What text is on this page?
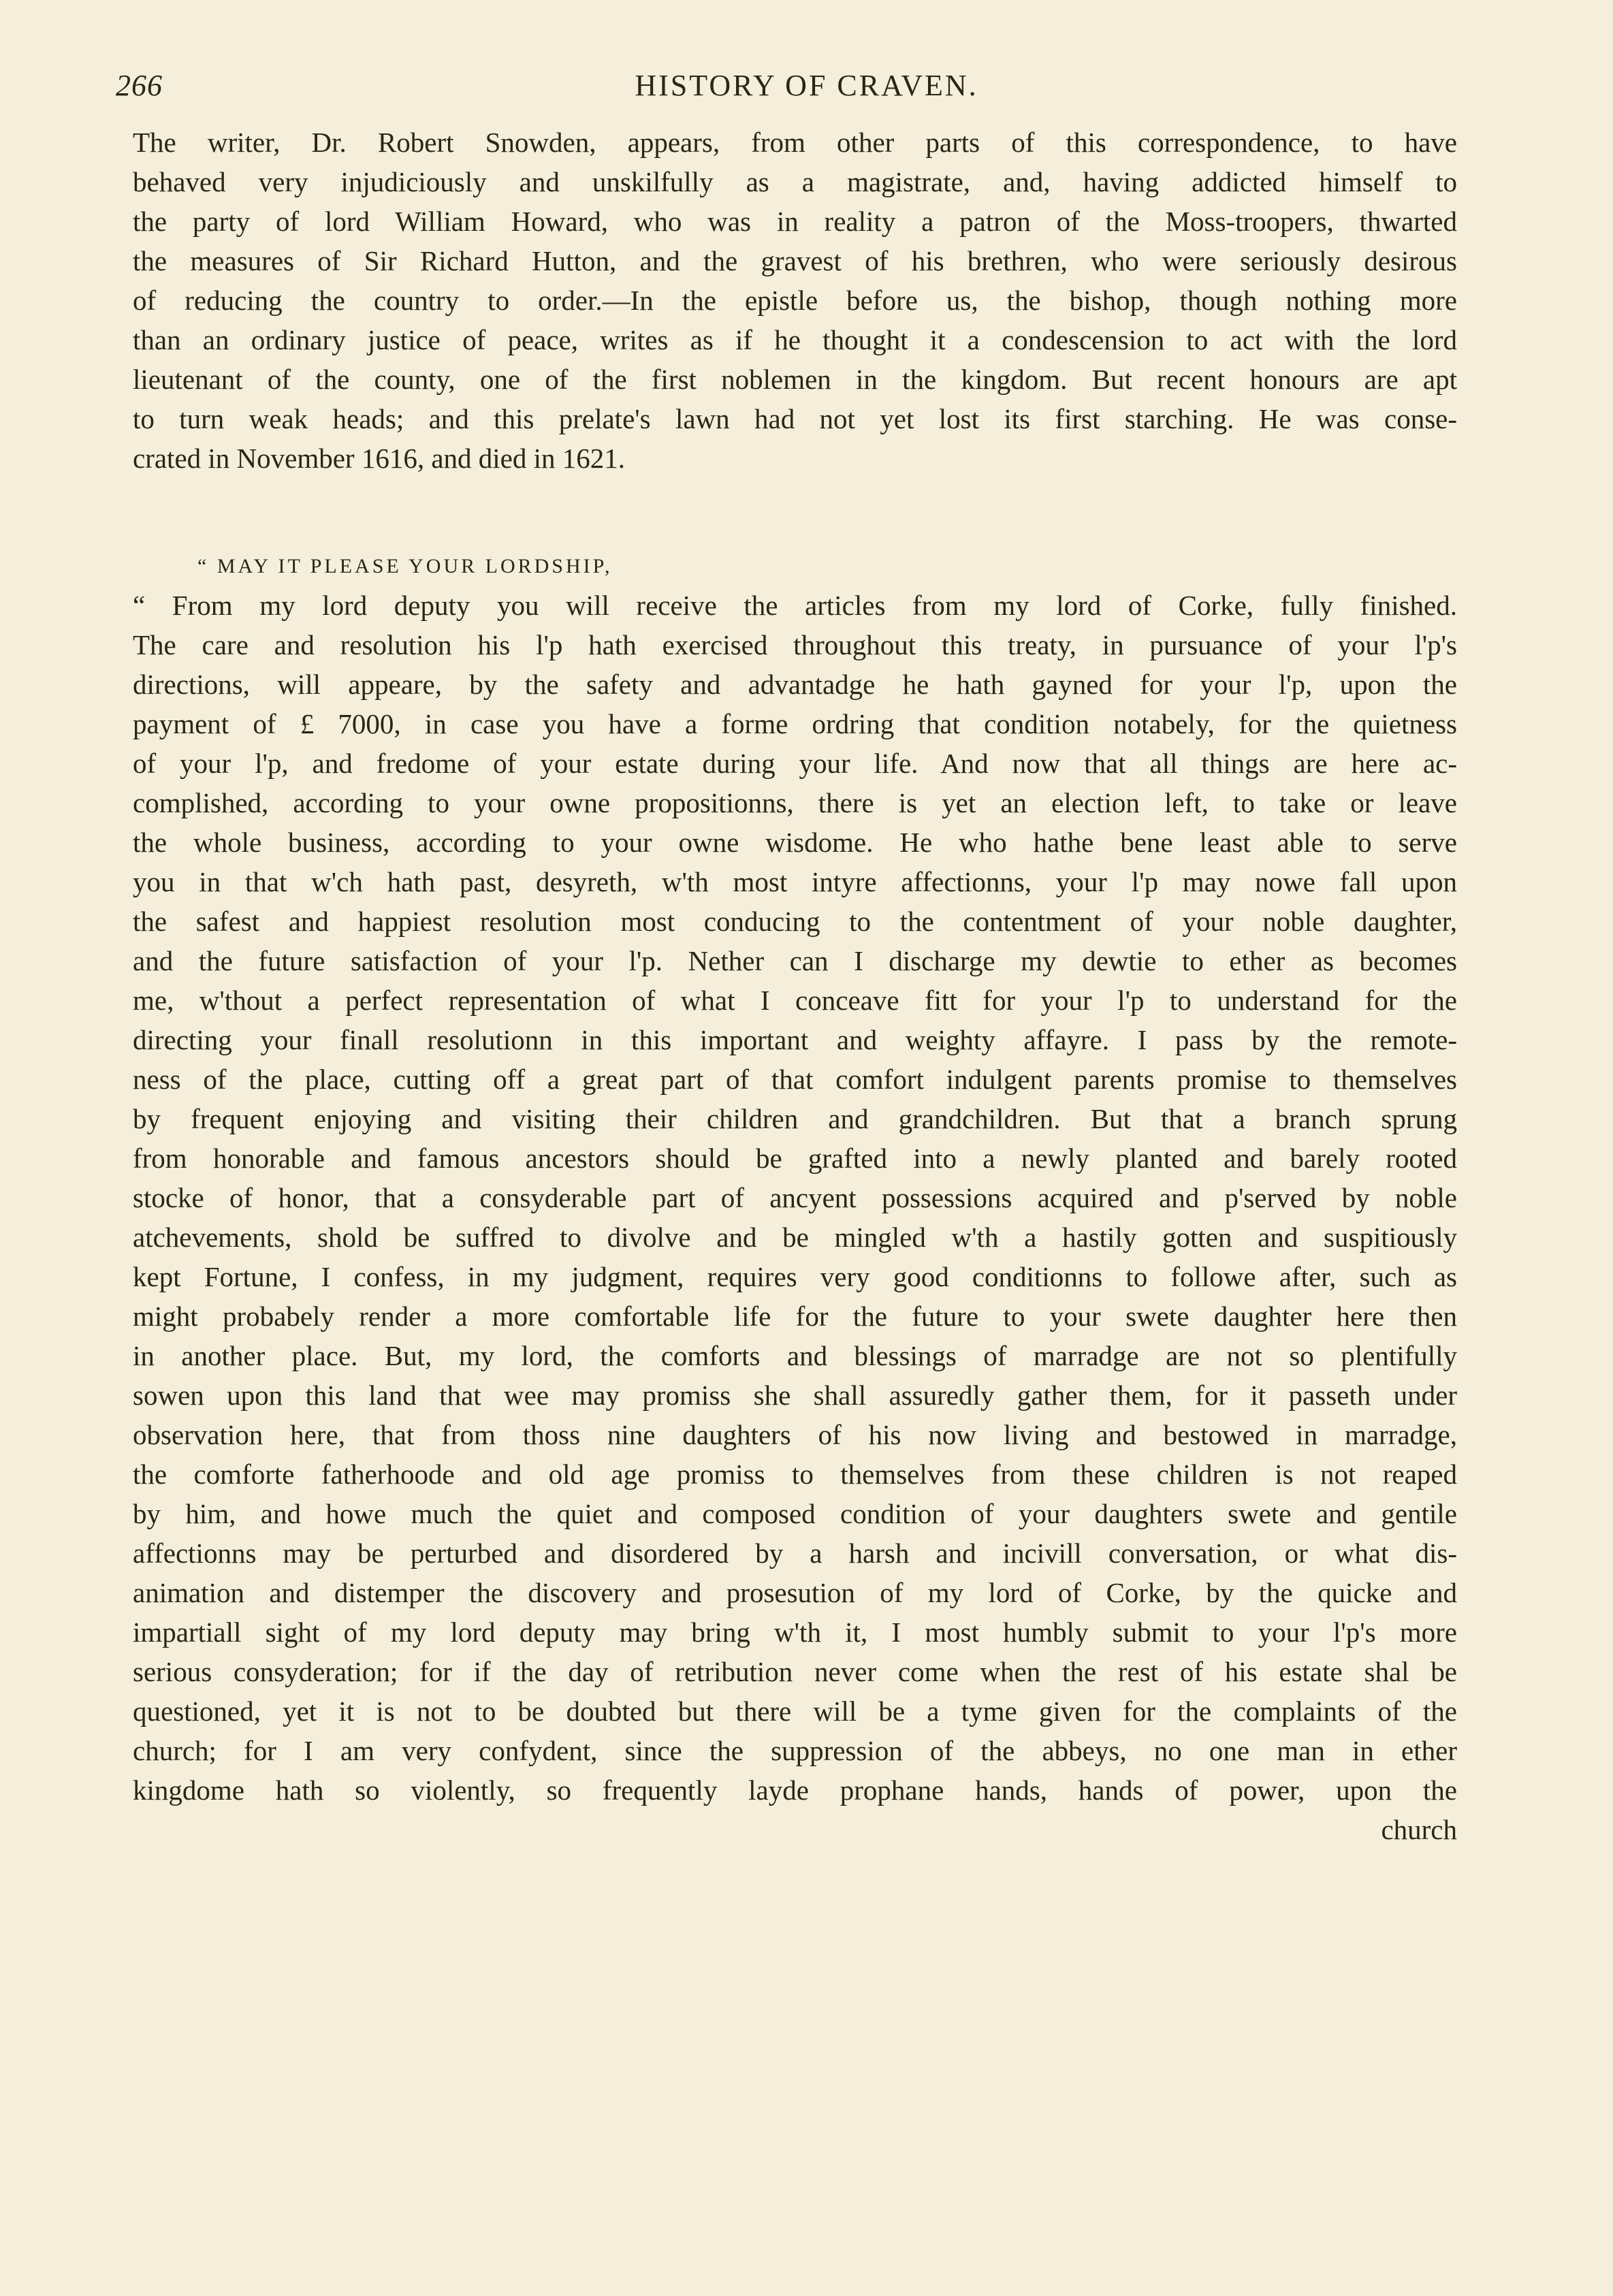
266	HISTORY OF CRAVEN.
The writer, Dr. Robert Snowden, appears, from other parts of this correspondence, to have
behaved very injudiciously and unskilfully as a magistrate, and, having addicted himself to
the party of lord William Howard, who was in reality a patron of the Moss-troopers, thwarted
the measures of Sir Richard Hutton, and the gravest of his brethren, who were seriously desirous
of reducing the country to order.—In the epistle before us, the bishop, though nothing more
than an ordinary justice of peace, writes as if he thought it a condescension to act with the lord
lieutenant of the county, one of the first noblemen in the kingdom. But recent honours are apt
to turn weak heads; and this prelate's lawn had not yet lost its first starching. He was conse-
crated in November 1616, and died in 1621.
“ MAY IT PLEASE YOUR LORDSHIP,
“ From my lord deputy you will receive the articles from my lord of Corke, fully finished.
The care and resolution his l'p hath exercised throughout this treaty, in pursuance of your l'p's
directions, will appeare, by the safety and advantadge he hath gayned for your l'p, upon the
payment of £ 7000, in case you have a forme ordring that condition notabely, for the quietness
of your l'p, and fredome of your estate during your life. And now that all things are here ac-
complished, according to your owne propositionns, there is yet an election left, to take or leave
the whole business, according to your owne wisdome. He who hathe bene least able to serve
you in that w'ch hath past, desyreth, w'th most intyre affectionns, your l'p may nowe fall upon
the safest and happiest resolution most conducing to the contentment of your noble daughter,
and the future satisfaction of your l'p. Nether can I discharge my dewtie to ether as becomes
me, w'thout a perfect representation of what I conceave fitt for your l'p to understand for the
directing your finall resolutionn in this important and weighty affayre. I pass by the remote-
ness of the place, cutting off a great part of that comfort indulgent parents promise to themselves
by frequent enjoying and visiting their children and grandchildren. But that a branch sprung
from honorable and famous ancestors should be grafted into a newly planted and barely rooted
stocke of honor, that a consyderable part of ancyent possessions acquired and p'served by noble
atchevements, shold be suffred to divolve and be mingled w'th a hastily gotten and suspitiously
kept Fortune, I confess, in my judgment, requires very good conditionns to followe after, such as
might probabely render a more comfortable life for the future to your swete daughter here then
in another place. But, my lord, the comforts and blessings of marradge are not so plentifully
sowen upon this land that wee may promiss she shall assuredly gather them, for it passeth under
observation here, that from thoss nine daughters of his now living and bestowed in marradge,
the comforte fatherhoode and old age promiss to themselves from these children is not reaped
by him, and howe much the quiet and composed condition of your daughters swete and gentile
affectionns may be perturbed and disordered by a harsh and incivill conversation, or what dis-
animation and distemper the discovery and prosesution of my lord of Corke, by the quicke and
impartiall sight of my lord deputy may bring w'th it, I most humbly submit to your l'p's more
serious consyderation; for if the day of retribution never come when the rest of his estate shal be
questioned, yet it is not to be doubted but there will be a tyme given for the complaints of the
church; for I am very confydent, since the suppression of the abbeys, no one man in ether
kingdome hath so violently, so frequently layde prophane hands, hands of power, upon the
church
